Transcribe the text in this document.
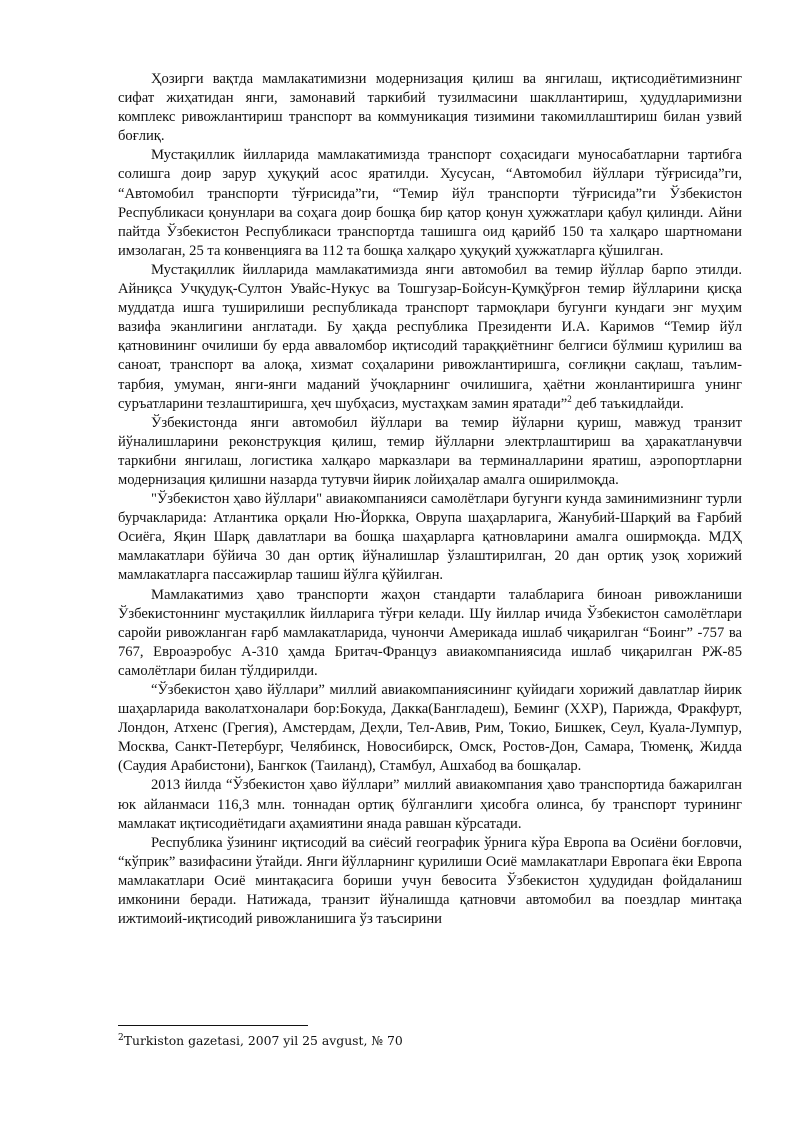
Ҳозирги вақтда мамлакатимизни модернизация қилиш ва янгилаш, иқтисодиётимизнинг сифат жиҳатидан янги, замонавий таркибий тузилмасини шакллантириш, ҳудудларимизни комплекс ривожлантириш транспорт ва коммуникация тизимини такомиллаштириш билан узвий боғлиқ.

Мустақиллик йилларида мамлакатимизда транспорт соҳасидаги муносабатларни тартибга солишга доир зарур ҳуқуқий асос яратилди. Хусусан, “Автомобил йўллари тўғрисида”ги, “Автомобил транспорти тўғрисида”ги, “Темир йўл транспорти тўғрисида”ги Ўзбекистон Республикаси қонунлари ва соҳага доир бошқа бир қатор қонун ҳужжатлари қабул қилинди. Айни пайтда Ўзбекистон Республикаси транспортда ташишга оид қарийб 150 та халқаро шартномани имзолаган, 25 та конвенцияга ва 112 та бошқа халқаро ҳуқуқий ҳужжатларга қўшилган.

Мустақиллик йилларида мамлакатимизда янги автомобил ва темир йўллар барпо этилди. Айниқса Учқудуқ-Султон Увайс-Нукус ва Тошгузар-Бойсун-Қумқўрғон темир йўлларини қисқа муддатда ишга туширилиши республикада транспорт тармоқлари бугунги кундаги энг муҳим вазифа эканлигини англатади. Бу ҳақда республика Президенти И.А. Каримов “Темир йўл қатновининг очилиши бу ерда авваломбор иқтисодий тараққиётнинг белгиси бўлмиш қурилиш ва саноат, транспорт ва алоқа, хизмат соҳаларини ривожлантиришга, соғлиқни сақлаш, таълим-тарбия, умуман, янги-янги маданий ўчоқларнинг очилишига, ҳаётни жонлантиришга унинг суръатларини тезлаштиришга, ҳеч шубҳасиз, мустаҳкам замин яратади”$^2$ деб таъкидлайди.

Ўзбекистонда янги автомобил йўллари ва темир йўларни қуриш, мавжуд транзит йўналишларини реконструкция қилиш, темир йўлларни электрлаштириш ва ҳаракатланувчи таркибни янгилаш, логистика халқаро марказлари ва терминалларини яратиш, аэропортларни модернизация қилишни назарда тутувчи йирик лойиҳалар амалга оширилмоқда.

"Ўзбекистон ҳаво йўллари" авиакомпанияси самолётлари бугунги кунда заминимизнинг турли бурчакларида: Атлантика орқали Ню-Йоркка, Оврупа шаҳарларига, Жанубий-Шарқий ва Ғарбий Осиёга, Яқин Шарқ давлатлари ва бошқа шаҳарларга қатновларини амалга оширмоқда. МДҲ мамлакатлари бўйича 30 дан ортиқ йўналишлар ўзлаштирилган, 20 дан ортиқ узоқ хорижий мамлакатларга пассажирлар ташиш йўлга қўйилган.

Мамлакатимиз ҳаво транспорти жаҳон стандарти талабларига биноан ривожланиши Ўзбекистоннинг мустақиллик йилларига тўғри келади. Шу йиллар ичида Ўзбекистон самолётлари саройи ривожланган ғарб мамлакатларида, чунончи Америкада ишлаб чиқарилган “Боинг” -757 ва 767, Евроаэробус А-310 ҳамда Бритач-Француз авиакомпаниясида ишлаб чиқарилган РЖ-85 самолётлари билан тўлдирилди.

“Ўзбекистон ҳаво йўллари” миллий авиакомпаниясининг қуйидаги хорижий давлатлар йирик шаҳарларида ваколатхоналари бор:Бокуда, Дакка(Бангладеш), Беминг (ХХР), Парижда, Фракфурт, Лондон, Атхенс (Грегия), Амстердам, Деҳли, Тел-Авив, Рим, Токио, Бишкек, Сеул, Куала-Лумпур, Москва, Санкт-Петербург, Челябинск, Новосибирск, Омск, Ростов-Дон, Самара, Тюменқ, Жидда (Саудия Арабистони), Бангкок (Таиланд), Стамбул, Ашхабод ва бошқалар.

2013 йилда “Ўзбекистон ҳаво йўллари” миллий авиакомпания ҳаво транспортида бажарилган юк айланмаси 116,3 млн. тоннадан ортиқ бўлганлиги ҳисобга олинса, бу транспорт турининг мамлакат иқтисодиётидаги аҳамиятини янада равшан кўрсатади.

Республика ўзининг иқтисодий ва сиёсий географик ўрнига кўра Европа ва Осиёни боғловчи, “кўприк” вазифасини ўтайди. Янги йўлларнинг қурилиши Осиё мамлакатлари Европага ёки Европа мамлакатлари Осиё минтақасига бориши учун бевосита Ўзбекистон ҳудудидан фойдаланиш имконини беради. Натижада, транзит йўналишда қатновчи автомобил ва поездлар минтақа ижтимоий-иқтисодий ривожланишига ўз таъсирини

$^2$Turkiston gazetasi, 2007 yil 25 avgust, № 70
